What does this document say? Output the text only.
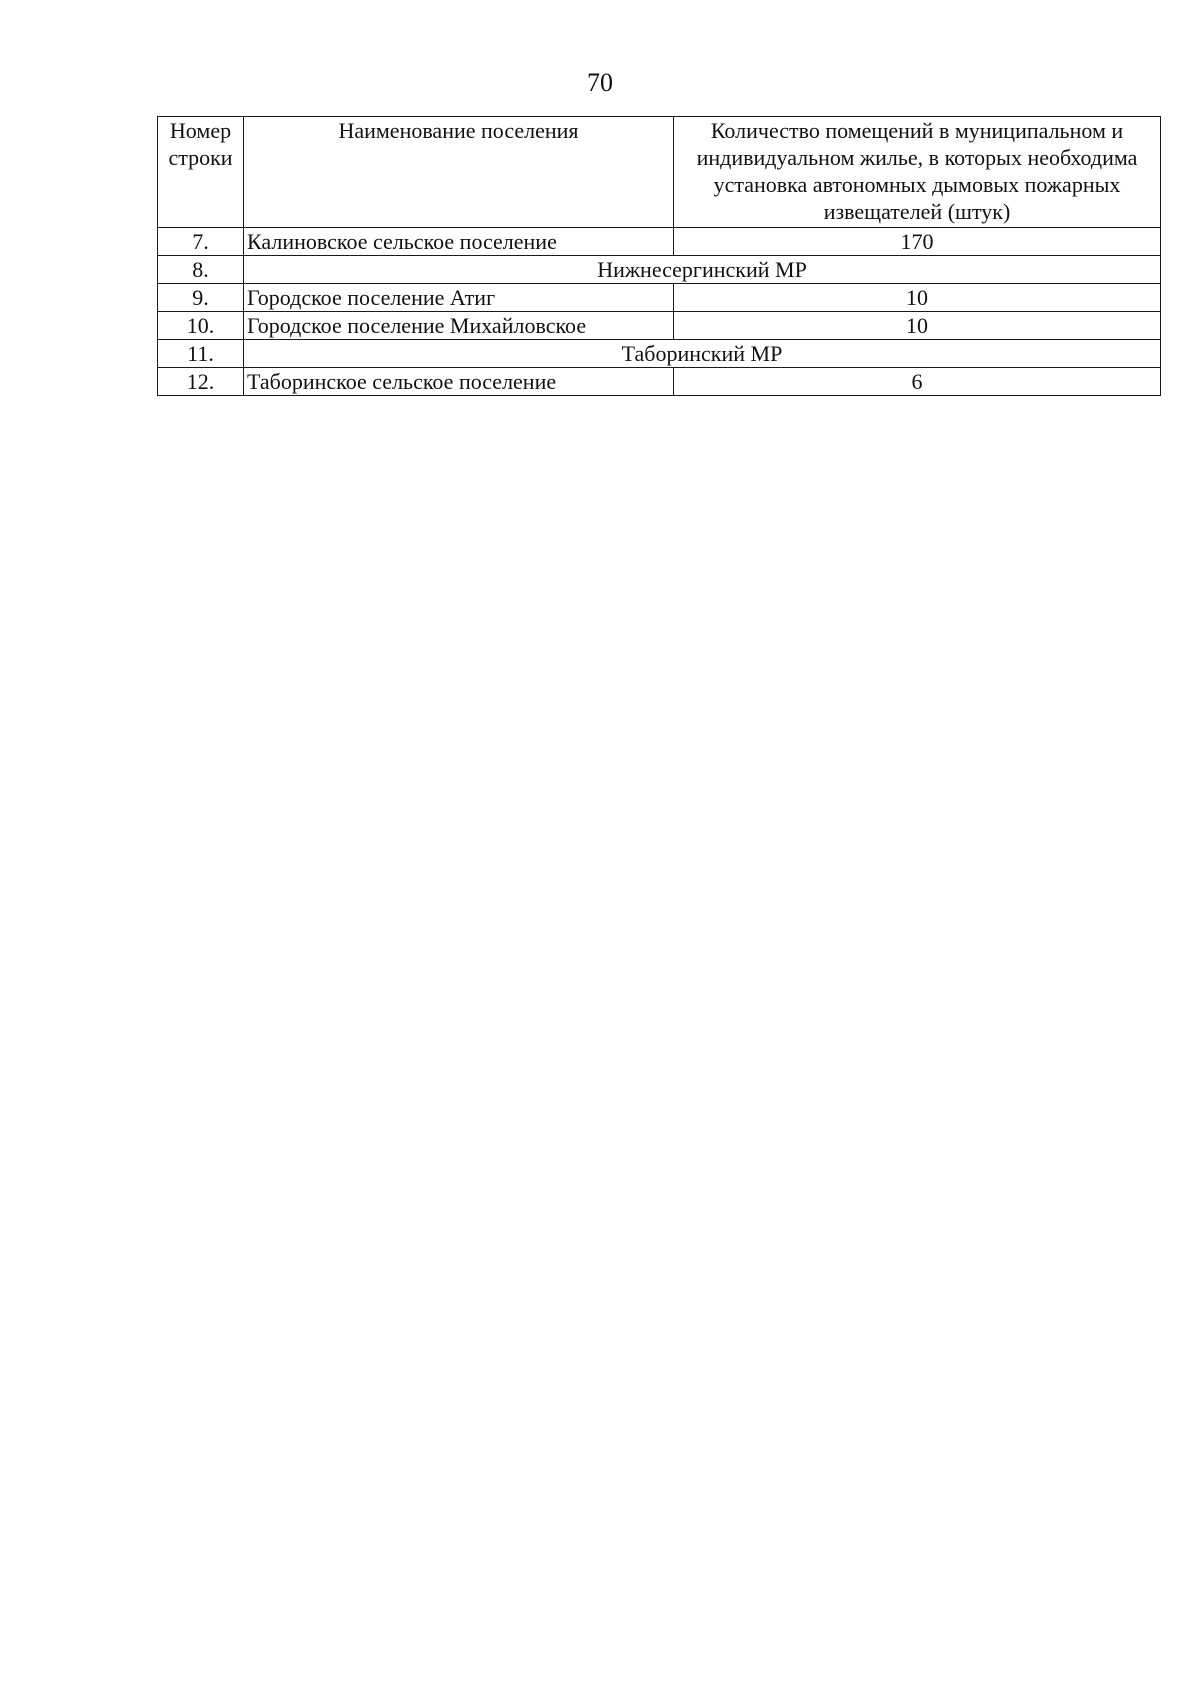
70
Номер строки	Наименование поселения	Количество помещений в муниципальном и индивидуальном жилье, в которых необходима установка автономных дымовых пожарных извещателей (штук)
7.	Калиновское сельское поселение	170
8.	Нижнесергинский МР	
9.	Городское поселение Атиг	10
10.	Городское поселение Михайловское	10
11.	Таборинский МР	
12.	Таборинское сельское поселение	6
